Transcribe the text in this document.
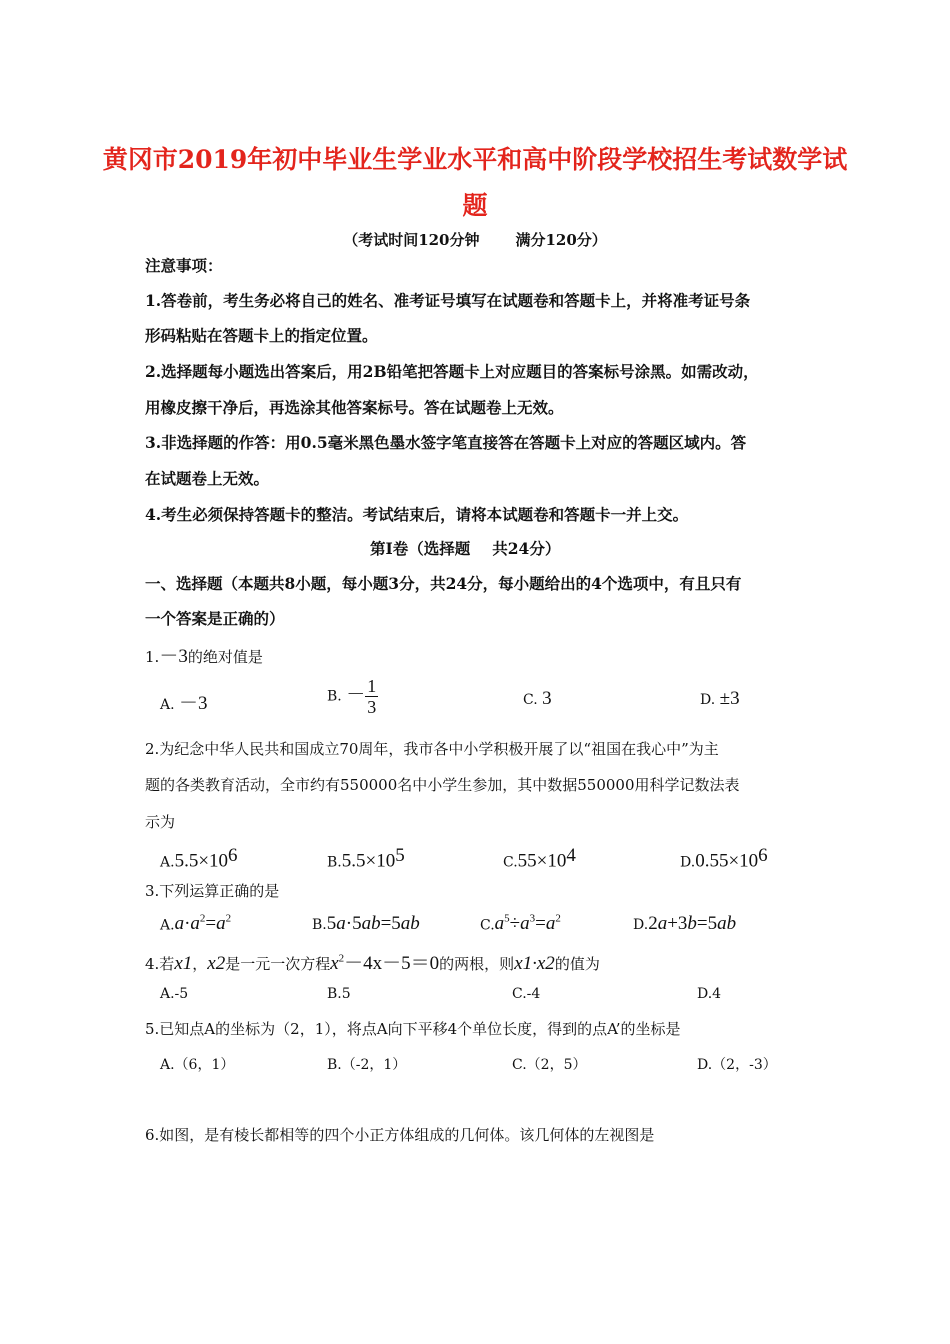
黄冈市2019年初中毕业生学业水平和高中阶段学校招生考试数学试
题
（考试时间120分钟 满分120分）
注意事项：
1.答卷前，考生务必将自己的姓名、准考证号填写在试题卷和答题卡上，并将准考证号条
形码粘贴在答题卡上的指定位置。
2.选择题每小题选出答案后，用2B铅笔把答题卡上对应题目的答案标号涂黑。如需改动，
用橡皮擦干净后，再选涂其他答案标号。答在试题卷上无效。
3.非选择题的作答：用0.5毫米黑色墨水签字笔直接答在答题卡上对应的答题区域内。答
在试题卷上无效。
4.考生必须保持答题卡的整洁。考试结束后，请将本试题卷和答题卡一并上交。
第Ⅰ卷（选择题 共24分）
一、选择题（本题共8小题，每小题3分，共24分，每小题给出的4个选项中，有且只有
一个答案是正确的）
1.－3的绝对值是
A. －3	B. － $\frac{1}{3}$	C. 3	D. ±3
2.为纪念中华人民共和国成立70周年，我市各中小学积极开展了以“祖国在我心中”为主
题的各类教育活动，全市约有550000名中小学生参加，其中数据550000用科学记数法表
示为
$A.5.5\times 10^6$	$B.5.5\times 10^5$	$C.55\times 10^4$	$D.0.55\times 10^6$
3.下列运算正确的是
$A.a\cdot a^2=a^2$	B.5a·5ab=5ab	$C.a^5\div a^3=a^2$	D.2a+3b=5ab
4.若x1，x2是一元一次方程$x^2-4x-5=0$的两根，则x1·x2的值为
A.-5	B.5	C.-4	D.4
5.已知点A的坐标为（2，1），将点A向下平移4个单位长度，得到的点A’的坐标是
A.（6，1）	B.（-2，1）	C.（2，5）	D.（2，-3）
6.如图，是有棱长都相等的四个小正方体组成的几何体。该几何体的左视图是
